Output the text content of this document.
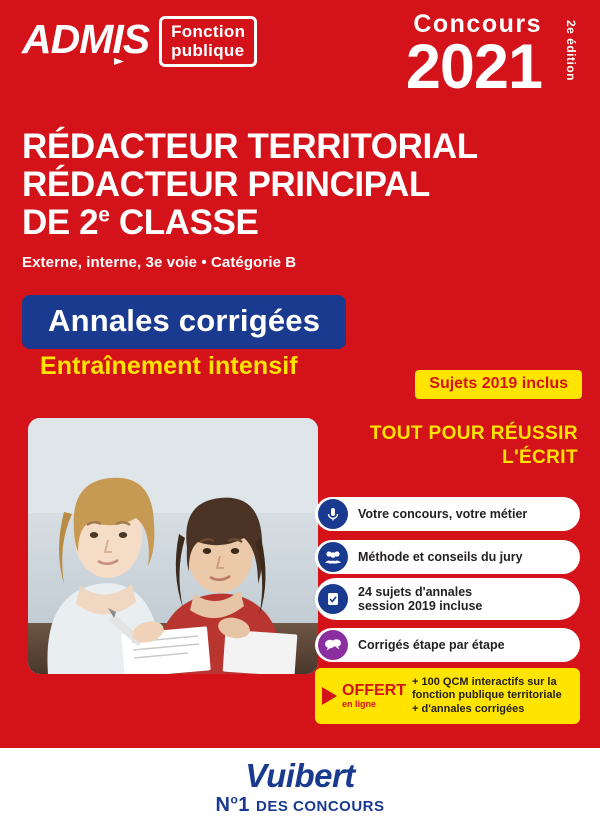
ADMIS Fonction
publique
Concours
2021 2e édition
RÉDACTEUR TERRITORIAL
RÉDACTEUR PRINCIPAL
DE 2e CLASSE
Externe, interne, 3e voie • Catégorie B
Annales corrigées
Entraînement intensif
Sujets 2019 inclus
TOUT POUR RÉUSSIR
L'ÉCRIT
Votre concours, votre métier
Méthode et conseils du jury
24 sujets d'annales
session 2019 incluse
Corrigés étape par étape
OFFERT
en ligne
+ 100 QCM interactifs sur la
fonction publique territoriale
+ d'annales corrigées
Vuibert
$N^o1$ DES CONCOURS
